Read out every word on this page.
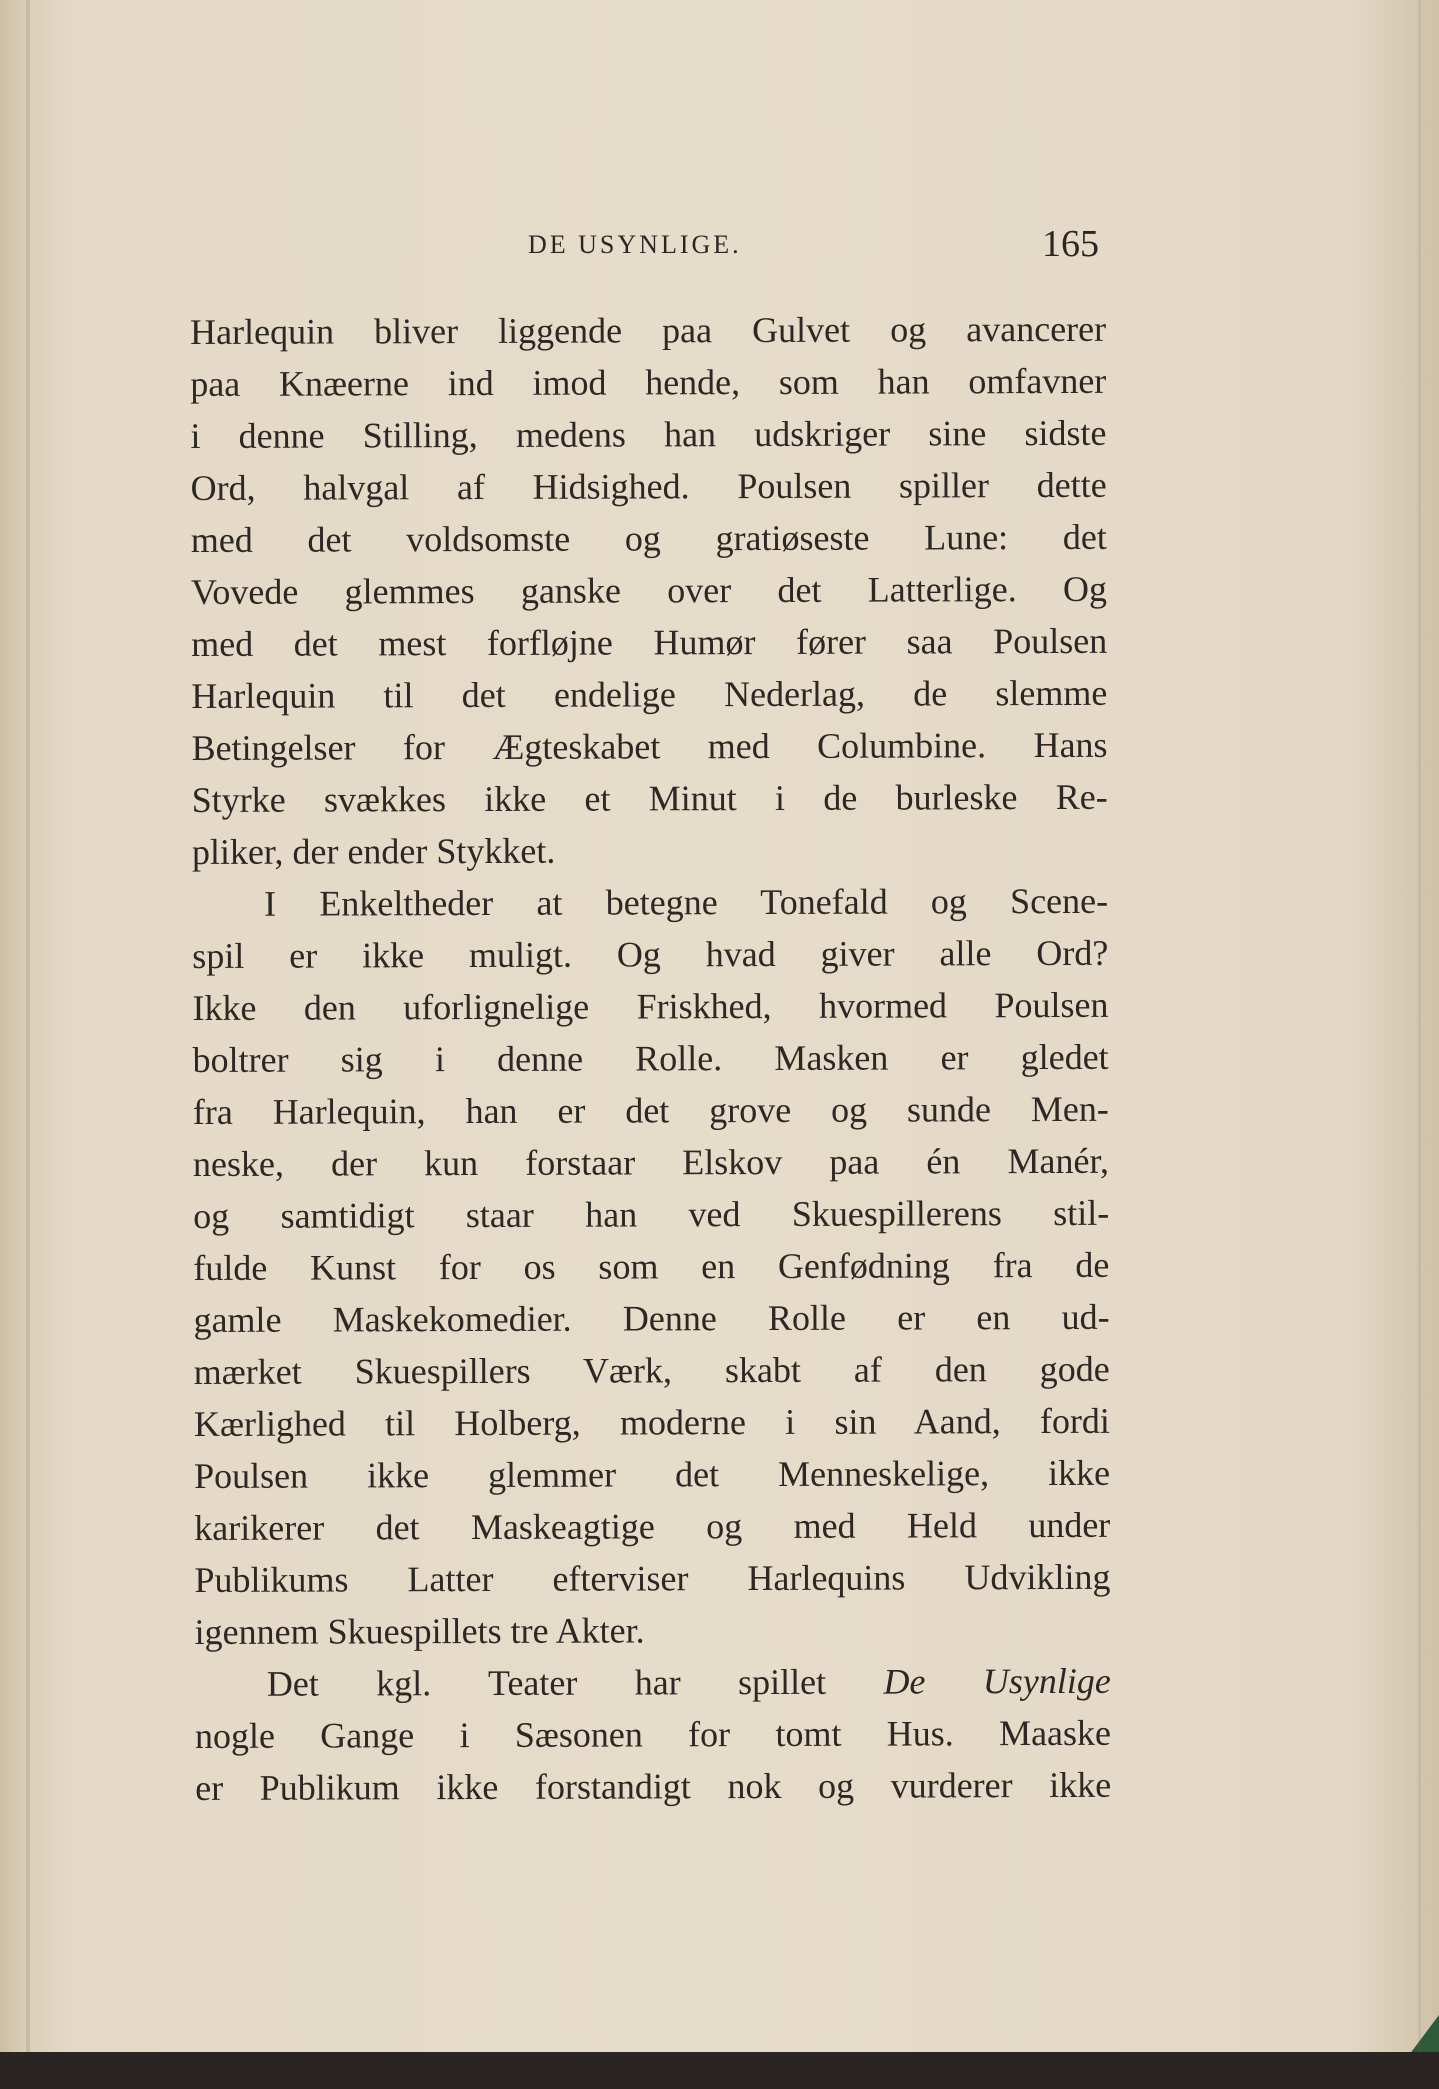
DE USYNLIGE.	165
Harlequin bliver liggende paa Gulvet og avancerer
paa Knæerne ind imod hende, som han omfavner
i denne Stilling, medens han udskriger sine sidste
Ord, halvgal af Hidsighed. Poulsen spiller dette
med det voldsomste og gratiøseste Lune: det
Vovede glemmes ganske over det Latterlige. Og
med det mest forfløjne Humør fører saa Poulsen
Harlequin til det endelige Nederlag, de slemme
Betingelser for Ægteskabet med Columbine. Hans
Styrke svækkes ikke et Minut i de burleske Re-
pliker, der ender Stykket.
I Enkeltheder at betegne Tonefald og Scene-
spil er ikke muligt. Og hvad giver alle Ord?
Ikke den uforlignelige Friskhed, hvormed Poulsen
boltrer sig i denne Rolle. Masken er gledet
fra Harlequin, han er det grove og sunde Men-
neske, der kun forstaar Elskov paa én Manér,
og samtidigt staar han ved Skuespillerens stil-
fulde Kunst for os som en Genfødning fra de
gamle Maskekomedier. Denne Rolle er en ud-
mærket Skuespillers Værk, skabt af den gode
Kærlighed til Holberg, moderne i sin Aand, fordi
Poulsen ikke glemmer det Menneskelige, ikke
karikerer det Maskeagtige og med Held under
Publikums Latter efterviser Harlequins Udvikling
igennem Skuespillets tre Akter.
Det kgl. Teater har spillet De Usynlige
nogle Gange i Sæsonen for tomt Hus. Maaske
er Publikum ikke forstandigt nok og vurderer ikke
